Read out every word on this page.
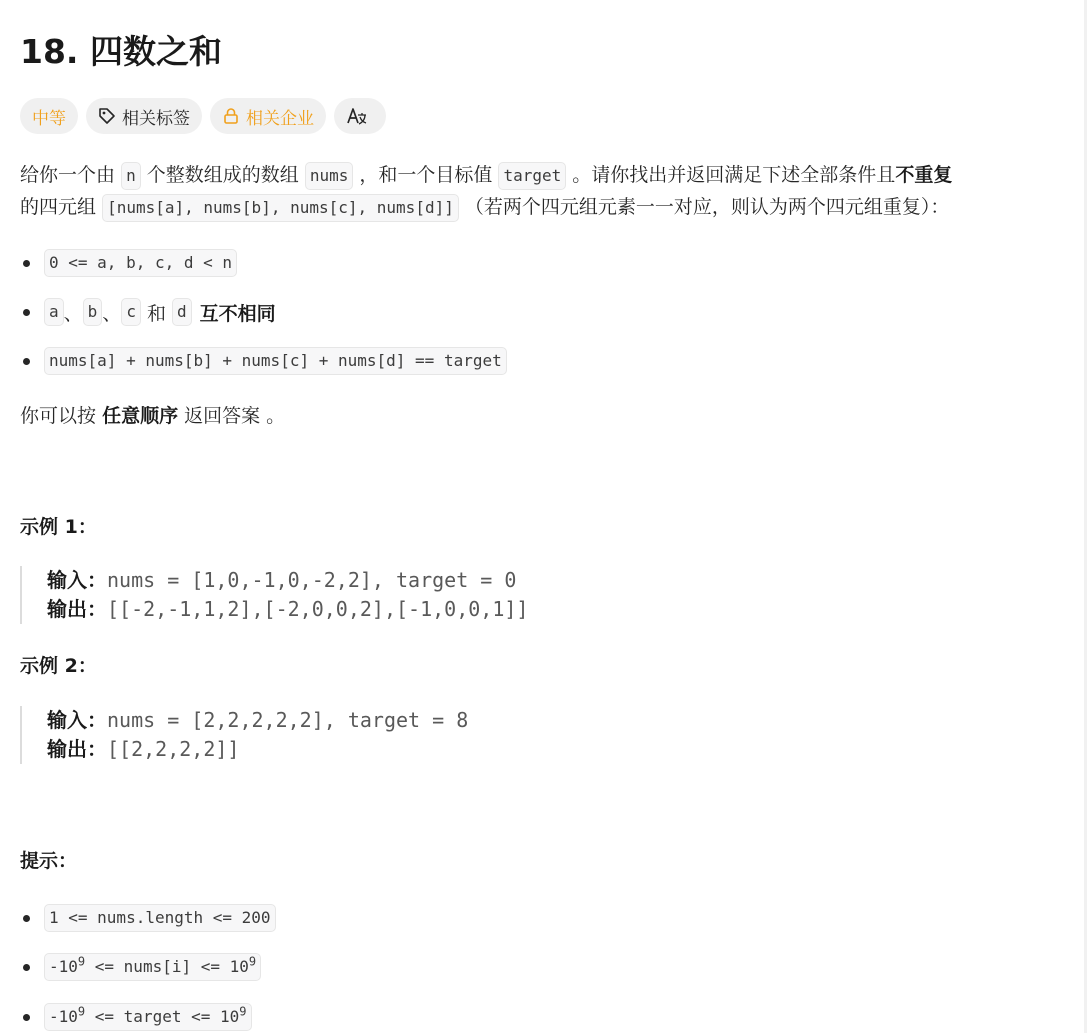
18. 四数之和
中等	相关标签	相关企业
给你一个由 n 个整数组成的数组 nums ，和一个目标值 target 。请你找出并返回满足下述全部条件且不重复
的四元组 [nums[a], nums[b], nums[c], nums[d]] （若两个四元组元素一一对应，则认为两个四元组重复）：
0 <= a, b, c, d < n
a 、 b 、 c 和 d 互不相同
nums[a] + nums[b] + nums[c] + nums[d] == target
你可以按 任意顺序 返回答案 。
示例 1：
输入：nums = [1,0,-1,0,-2,2], target = 0
输出：[[-2,-1,1,2],[-2,0,0,2],[-1,0,0,1]]
示例 2：
输入：nums = [2,2,2,2,2], target = 8
输出：[[2,2,2,2]]
提示：
1 <= nums.length <= 200
$-10^9$ <= nums[i] <= $10^9$
$-10^9$ <= target <= $10^9$
